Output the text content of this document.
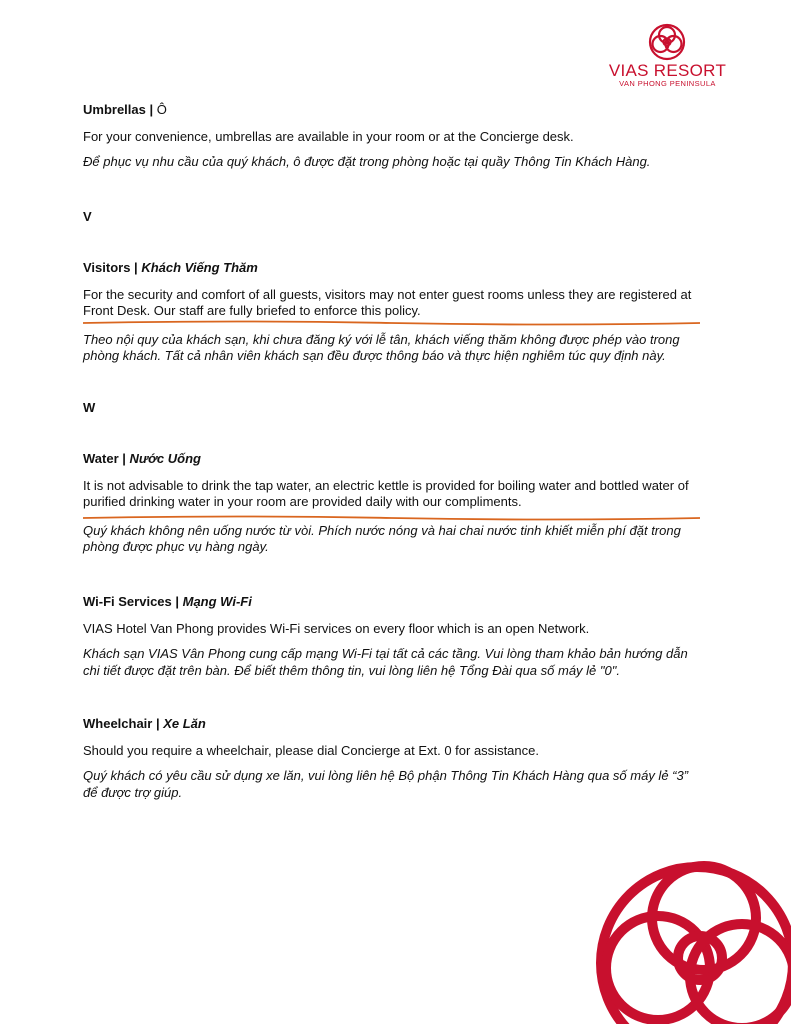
VIAS RESORT
VAN PHONG PENINSULA
Umbrellas | Ô

For your convenience, umbrellas are available in your room or at the Concierge desk.

Để phục vụ nhu cầu của quý khách, ô được đặt trong phòng hoặc tại quầy Thông Tin Khách Hàng.

V
Visitors | Khách Viếng Thăm

For the security and comfort of all guests, visitors may not enter guest rooms unless they are registered at Front Desk. Our staff are fully briefed to enforce this policy.

Theo nội quy của khách sạn, khi chưa đăng ký với lễ tân, khách viếng thăm không được phép vào trong phòng khách. Tất cả nhân viên khách sạn đều được thông báo và thực hiện nghiêm túc quy định này.

W
Water | Nước Uống

It is not advisable to drink the tap water, an electric kettle is provided for boiling water and bottled water of purified drinking water in your room are provided daily with our compliments.

Quý khách không nên uống nước từ vòi. Phích nước nóng và hai chai nước tinh khiết miễn phí đặt trong phòng được phục vụ hàng ngày.

Wi-Fi Services | Mạng Wi-Fi

VIAS Hotel Van Phong provides Wi-Fi services on every floor which is an open Network.

Khách sạn VIAS Vân Phong cung cấp mạng Wi-Fi tại tất cả các tầng. Vui lòng tham khảo bản hướng dẫn chi tiết được đặt trên bàn. Để biết thêm thông tin, vui lòng liên hệ Tổng Đài qua số máy lẻ "0".

Wheelchair | Xe Lăn

Should you require a wheelchair, please dial Concierge at Ext. 0 for assistance.

Quý khách có yêu cầu sử dụng xe lăn, vui lòng liên hệ Bộ phận Thông Tin Khách Hàng qua số máy lẻ “3” để được trợ giúp.
